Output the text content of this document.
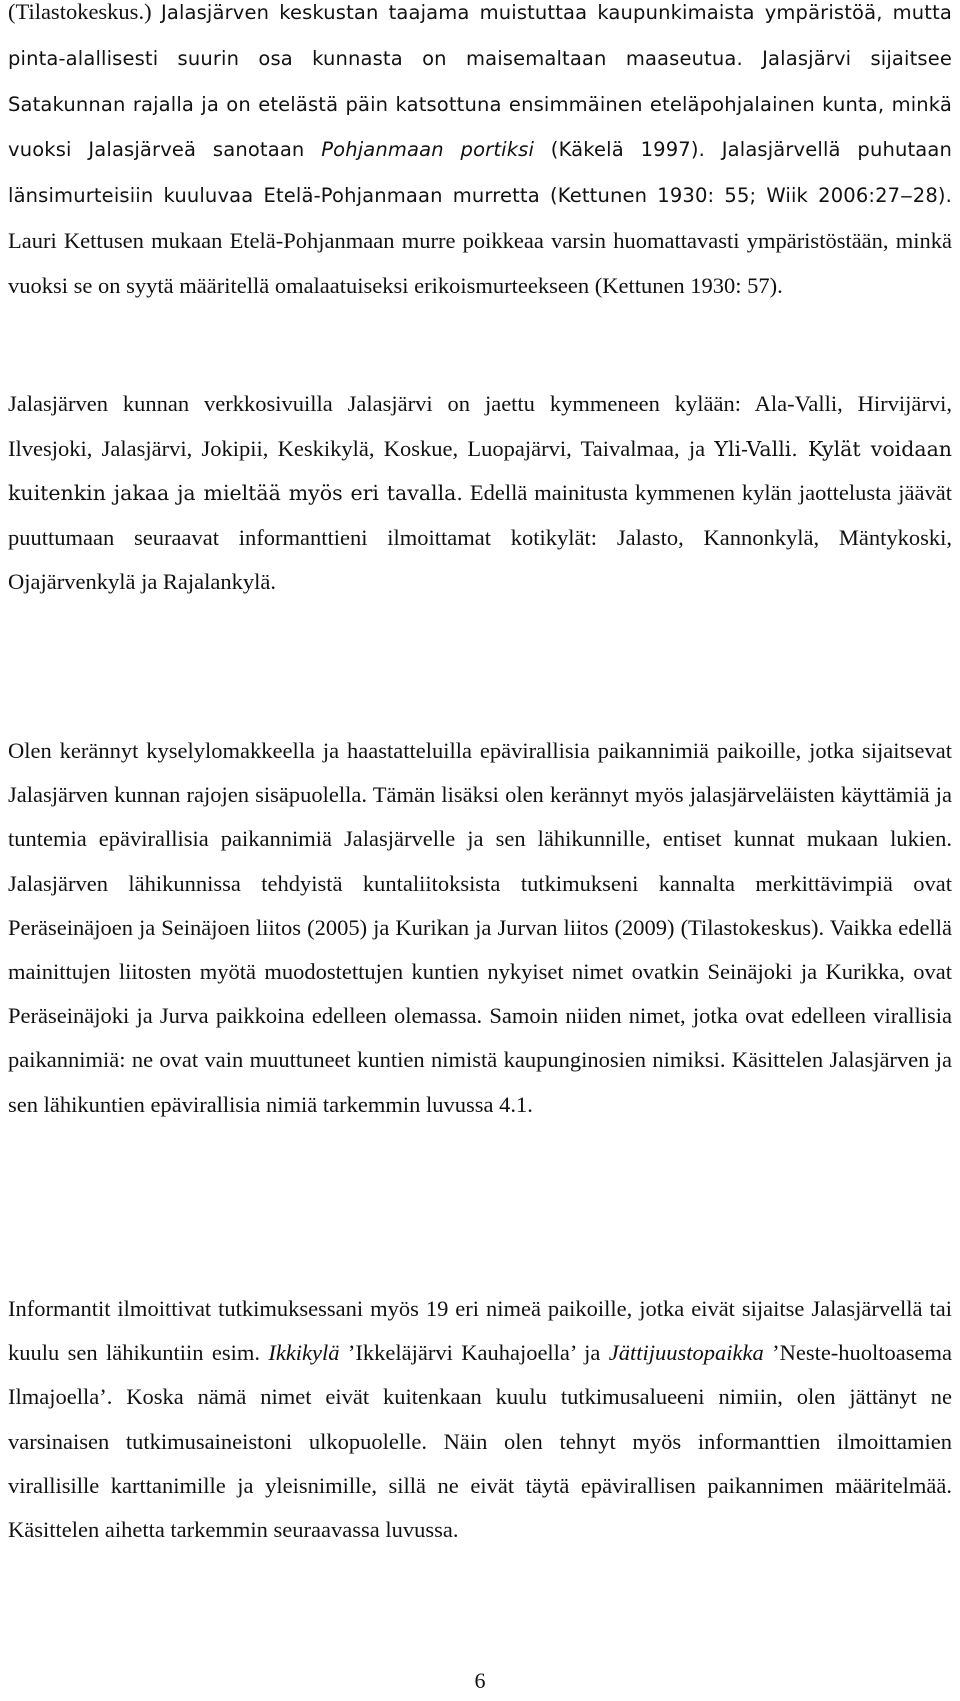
(Tilastokeskus.) Jalasjärven keskustan taajama muistuttaa kaupunkimaista ympäristöä, mutta pinta-alallisesti suurin osa kunnasta on maisemaltaan maaseutua. Jalasjärvi sijaitsee Satakunnan rajalla ja on etelästä päin katsottuna ensimmäinen eteläpohjalainen kunta, minkä vuoksi Jalasjärveä sanotaan Pohjanmaan portiksi (Käkelä 1997). Jalasjärvellä puhutaan länsimurteisiin kuuluvaa Etelä-Pohjanmaan murretta (Kettunen 1930: 55; Wiik 2006:27‒28). Lauri Kettusen mukaan Etelä-Pohjanmaan murre poikkeaa varsin huomattavasti ympäristöstään, minkä vuoksi se on syytä määritellä omalaatuiseksi erikoismurteekseen (Kettunen 1930: 57).

Jalasjärven kunnan verkkosivuilla Jalasjärvi on jaettu kymmeneen kylään: Ala-Valli, Hirvijärvi, Ilvesjoki, Jalasjärvi, Jokipii, Keskikylä, Koskue, Luopajärvi, Taivalmaa, ja Yli-Valli. Kylät voidaan kuitenkin jakaa ja mieltää myös eri tavalla. Edellä mainitusta kymmenen kylän jaottelusta jäävät puuttumaan seuraavat informanttieni ilmoittamat kotikylät: Jalasto, Kannonkylä, Mäntykoski, Ojajärvenkylä ja Rajalankylä.

Olen kerännyt kyselylomakkeella ja haastatteluilla epävirallisia paikannimiä paikoille, jotka sijaitsevat Jalasjärven kunnan rajojen sisäpuolella. Tämän lisäksi olen kerännyt myös jalasjärveläisten käyttämiä ja tuntemia epävirallisia paikannimiä Jalasjärvelle ja sen lähikunnille, entiset kunnat mukaan lukien. Jalasjärven lähikunnissa tehdyistä kuntaliitoksista tutkimukseni kannalta merkittävimpiä ovat Peräseinäjoen ja Seinäjoen liitos (2005) ja Kurikan ja Jurvan liitos (2009) (Tilastokeskus). Vaikka edellä mainittujen liitosten myötä muodostettujen kuntien nykyiset nimet ovatkin Seinäjoki ja Kurikka, ovat Peräseinäjoki ja Jurva paikkoina edelleen olemassa. Samoin niiden nimet, jotka ovat edelleen virallisia paikannimiä: ne ovat vain muuttuneet kuntien nimistä kaupunginosien nimiksi. Käsittelen Jalasjärven ja sen lähikuntien epävirallisia nimiä tarkemmin luvussa 4.1.

Informantit ilmoittivat tutkimuksessani myös 19 eri nimeä paikoille, jotka eivät sijaitse Jalasjärvellä tai kuulu sen lähikuntiin esim. Ikkikylä ’Ikkeläjärvi Kauhajoella’ ja Jättijuustopaikka ’Neste-huoltoasema Ilmajoella’. Koska nämä nimet eivät kuitenkaan kuulu tutkimusalueeni nimiin, olen jättänyt ne varsinaisen tutkimusaineistoni ulkopuolelle. Näin olen tehnyt myös informanttien ilmoittamien virallisille karttanimille ja yleisnimille, sillä ne eivät täytä epävirallisen paikannimen määritelmää. Käsittelen aihetta tarkemmin seuraavassa luvussa.

6
